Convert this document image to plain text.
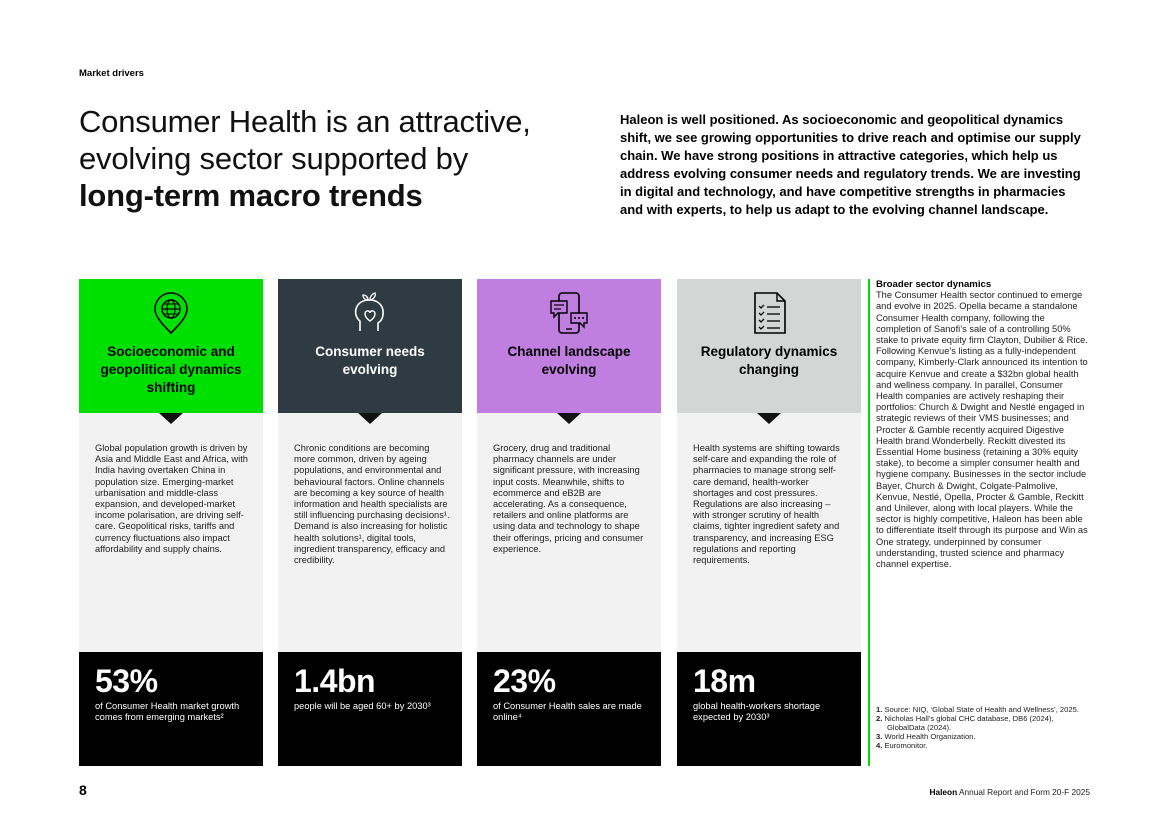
Market drivers
Consumer Health is an attractive,
evolving sector supported by
long-term macro trends

Haleon is well positioned. As socioeconomic and geopolitical dynamics shift, we see growing opportunities to drive reach and optimise our supply chain. We have strong positions in attractive categories, which help us address evolving consumer needs and regulatory trends. We are investing in digital and technology, and have competitive strengths in pharmacies and with experts, to help us adapt to the evolving channel landscape.

Socioeconomic and geopolitical dynamics shifting
Global population growth is driven by Asia and Middle East and Africa, with India having overtaken China in population size. Emerging-market urbanisation and middle-class expansion, and developed-market income polarisation, are driving self-care. Geopolitical risks, tariffs and currency fluctuations also impact affordability and supply chains.
53%
of Consumer Health market growth comes from emerging markets²
Consumer needs evolving
Chronic conditions are becoming more common, driven by ageing populations, and environmental and behavioural factors. Online channels are becoming a key source of health information and health specialists are still influencing purchasing decisions¹. Demand is also increasing for holistic health solutions¹, digital tools, ingredient transparency, efficacy and credibility.
1.4bn
people will be aged 60+ by 2030³
Channel landscape evolving
Grocery, drug and traditional pharmacy channels are under significant pressure, with increasing input costs. Meanwhile, shifts to ecommerce and eB2B are accelerating. As a consequence, retailers and online platforms are using data and technology to shape their offerings, pricing and consumer experience.
23%
of Consumer Health sales are made online⁴
Regulatory dynamics changing
Health systems are shifting towards self-care and expanding the role of pharmacies to manage strong self-care demand, health-worker shortages and cost pressures. Regulations are also increasing – with stronger scrutiny of health claims, tighter ingredient safety and transparency, and increasing ESG regulations and reporting requirements.
18m
global health-workers shortage expected by 2030³
Broader sector dynamics
The Consumer Health sector continued to emerge and evolve in 2025. Opella became a standalone Consumer Health company, following the completion of Sanofi’s sale of a controlling 50% stake to private equity firm Clayton, Dubilier & Rice. Following Kenvue’s listing as a fully-independent company, Kimberly-Clark announced its intention to acquire Kenvue and create a $32bn global health and wellness company. In parallel, Consumer Health companies are actively reshaping their portfolios: Church & Dwight and Nestlé engaged in strategic reviews of their VMS businesses; and Procter & Gamble recently acquired Digestive Health brand Wonderbelly. Reckitt divested its Essential Home business (retaining a 30% equity stake), to become a simpler consumer health and hygiene company. Businesses in the sector include Bayer, Church & Dwight, Colgate-Palmolive, Kenvue, Nestlé, Opella, Procter & Gamble, Reckitt and Unilever, along with local players. While the sector is highly competitive, Haleon has been able to differentiate itself through its purpose and Win as One strategy, underpinned by consumer understanding, trusted science and pharmacy channel expertise.
1. Source: NIQ, ‘Global State of Health and Wellness’, 2025.
2. Nicholas Hall’s global CHC database, DB6 (2024), GlobalData (2024).
3. World Health Organization.
4. Euromonitor.
8	Haleon Annual Report and Form 20-F 2025
